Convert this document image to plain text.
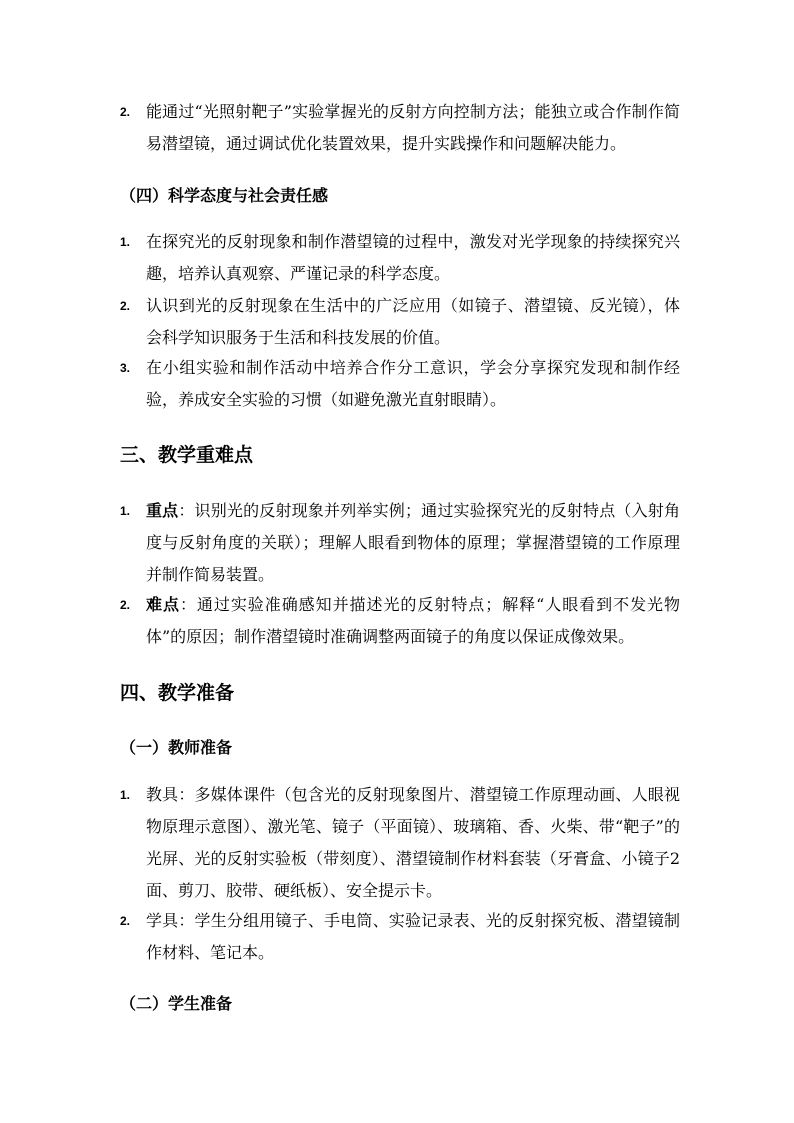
2. 能通过“光照射靶子”实验掌握光的反射方向控制方法；能独立或合作制作简易潜望镜，通过调试优化装置效果，提升实践操作和问题解决能力。
（四）科学态度与社会责任感
1. 在探究光的反射现象和制作潜望镜的过程中，激发对光学现象的持续探究兴趣，培养认真观察、严谨记录的科学态度。
2. 认识到光的反射现象在生活中的广泛应用（如镜子、潜望镜、反光镜），体会科学知识服务于生活和科技发展的价值。
3. 在小组实验和制作活动中培养合作分工意识，学会分享探究发现和制作经验，养成安全实验的习惯（如避免激光直射眼睛）。
三、教学重难点
1. 重点：识别光的反射现象并列举实例；通过实验探究光的反射特点（入射角度与反射角度的关联）；理解人眼看到物体的原理；掌握潜望镜的工作原理并制作简易装置。
2. 难点：通过实验准确感知并描述光的反射特点；解释“人眼看到不发光物体”的原因；制作潜望镜时准确调整两面镜子的角度以保证成像效果。
四、教学准备
（一）教师准备
1. 教具：多媒体课件（包含光的反射现象图片、潜望镜工作原理动画、人眼视物原理示意图）、激光笔、镜子（平面镜）、玻璃箱、香、火柴、带“靶子”的光屏、光的反射实验板（带刻度）、潜望镜制作材料套装（牙膏盒、小镜子2面、剪刀、胶带、硬纸板）、安全提示卡。
2. 学具：学生分组用镜子、手电筒、实验记录表、光的反射探究板、潜望镜制作材料、笔记本。
（二）学生准备
